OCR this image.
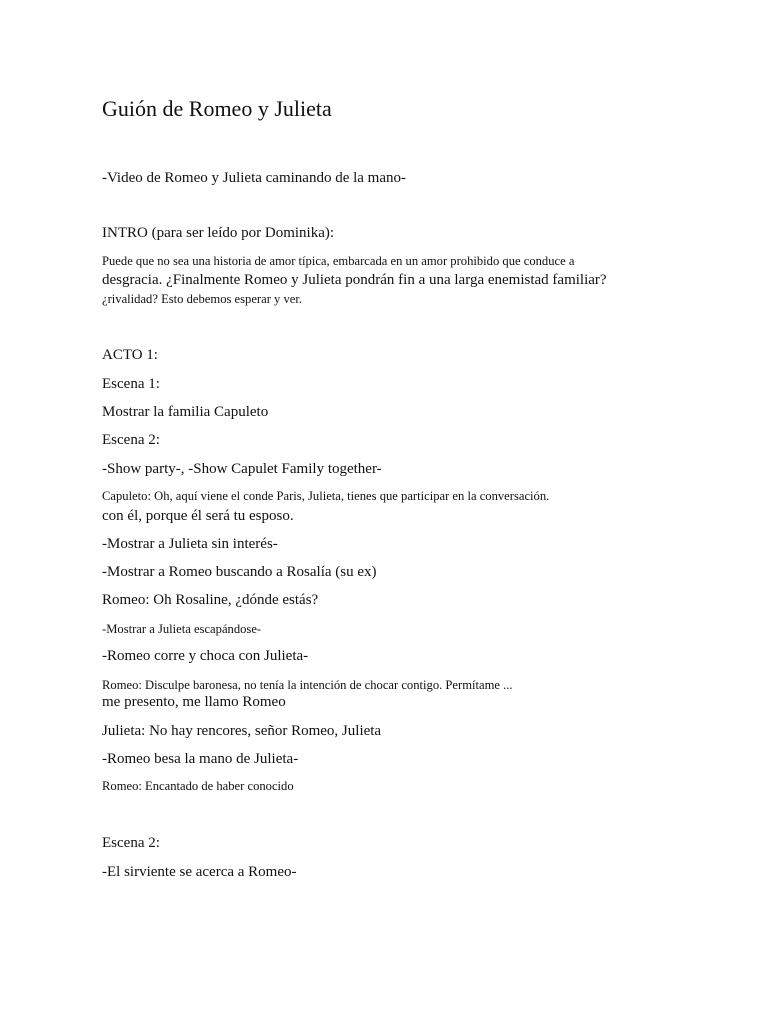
Guión de Romeo y Julieta

-Video de Romeo y Julieta caminando de la mano-

INTRO (para ser leído por Dominika):

Puede que no sea una historia de amor típica, embarcada en un amor prohibido que conduce a

desgracia. ¿Finalmente Romeo y Julieta pondrán fin a una larga enemistad familiar?

¿rivalidad? Esto debemos esperar y ver.

ACTO 1:

Escena 1:

Mostrar la familia Capuleto

Escena 2:

-Show party-, -Show Capulet Family together-

Capuleto: Oh, aquí viene el conde Paris, Julieta, tienes que participar en la conversación.

con él, porque él será tu esposo.

-Mostrar a Julieta sin interés-

-Mostrar a Romeo buscando a Rosalía (su ex)

Romeo: Oh Rosaline, ¿dónde estás?

-Mostrar a Julieta escapándose-

-Romeo corre y choca con Julieta-

Romeo: Disculpe baronesa, no tenía la intención de chocar contigo. Permítame ...

me presento, me llamo Romeo

Julieta: No hay rencores, señor Romeo, Julieta

-Romeo besa la mano de Julieta-

Romeo: Encantado de haber conocido

Escena 2:

-El sirviente se acerca a Romeo-
